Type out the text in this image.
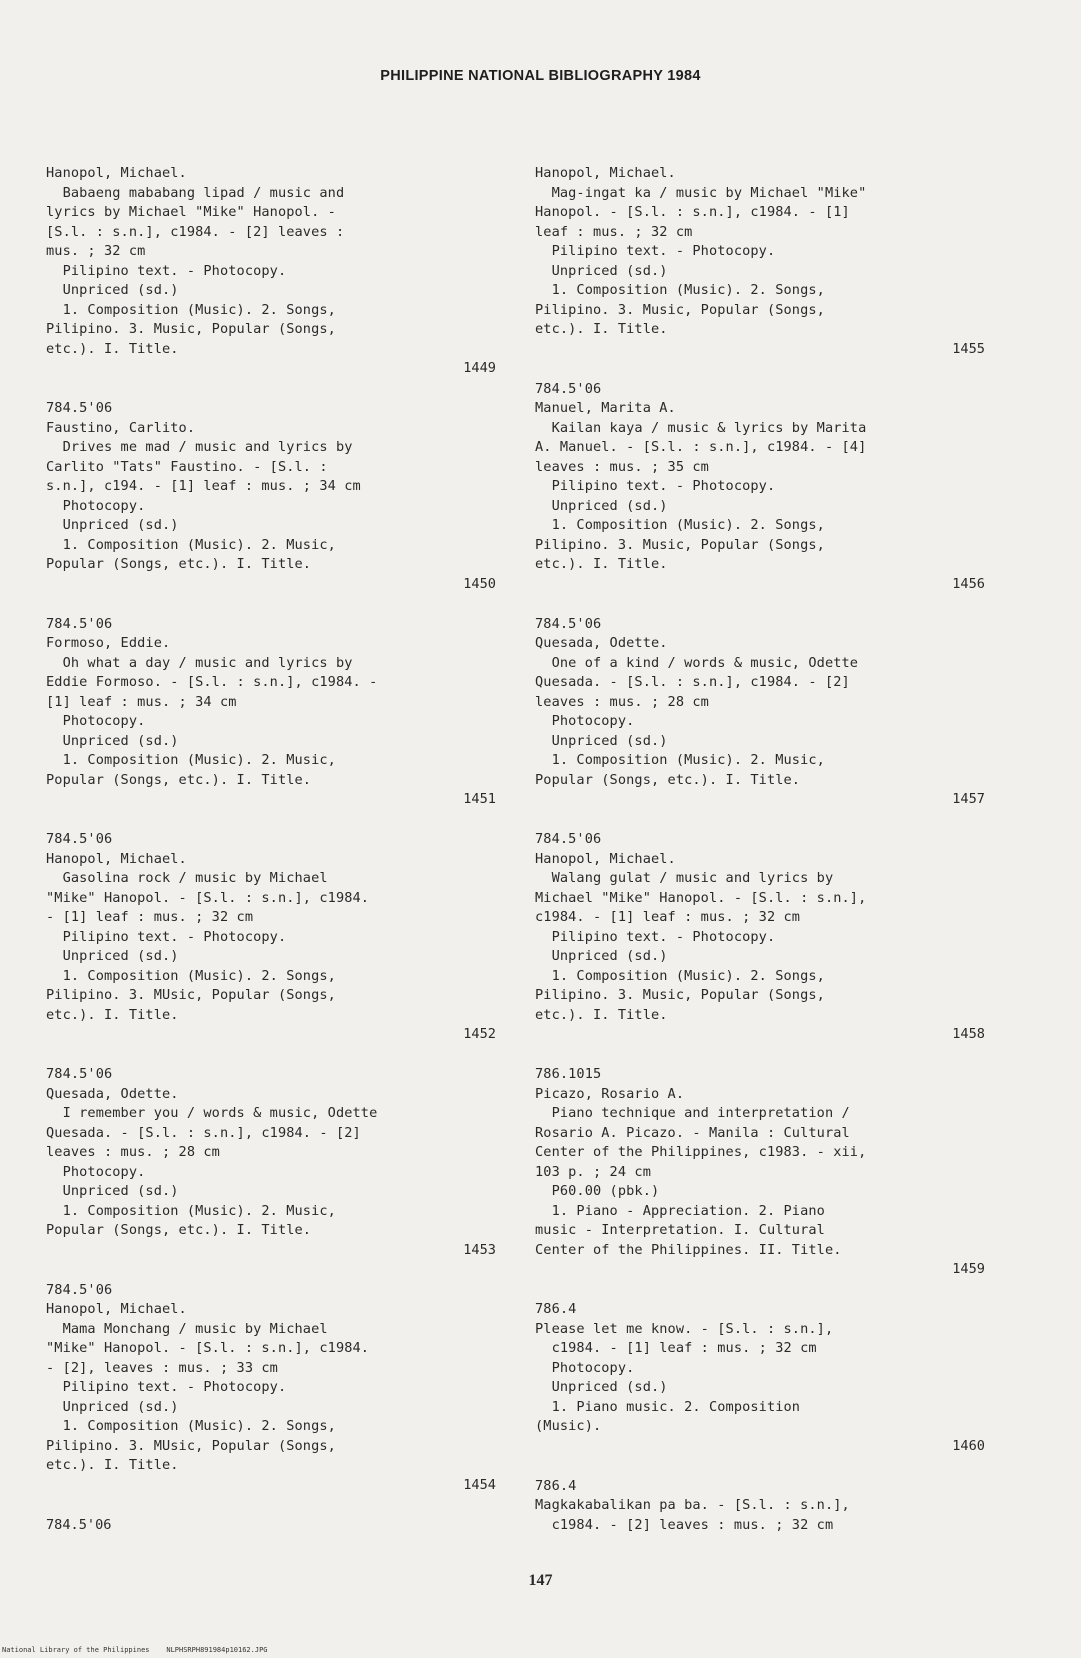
PHILIPPINE NATIONAL BIBLIOGRAPHY 1984
Hanopol, Michael.
Babaeng mababang lipad / music and
lyrics by Michael "Mike" Hanopol. -
[S.l. : s.n.], c1984. - [2] leaves :
mus. ; 32 cm
Pilipino text. - Photocopy.
Unpriced (sd.)
1. Composition (Music). 2. Songs,
Pilipino. 3. Music, Popular (Songs,
etc.). I. Title.
1449
784.5'06
Faustino, Carlito.
Drives me mad / music and lyrics by
Carlito "Tats" Faustino. - [S.l. :
s.n.], c194. - [1] leaf : mus. ; 34 cm
Photocopy.
Unpriced (sd.)
1. Composition (Music). 2. Music,
Popular (Songs, etc.). I. Title.
1450
784.5'06
Formoso, Eddie.
Oh what a day / music and lyrics by
Eddie Formoso. - [S.l. : s.n.], c1984. -
[1] leaf : mus. ; 34 cm
Photocopy.
Unpriced (sd.)
1. Composition (Music). 2. Music,
Popular (Songs, etc.). I. Title.
1451
784.5'06
Hanopol, Michael.
Gasolina rock / music by Michael
"Mike" Hanopol. - [S.l. : s.n.], c1984.
- [1] leaf : mus. ; 32 cm
Pilipino text. - Photocopy.
Unpriced (sd.)
1. Composition (Music). 2. Songs,
Pilipino. 3. MUsic, Popular (Songs,
etc.). I. Title.
1452
784.5'06
Quesada, Odette.
I remember you / words & music, Odette
Quesada. - [S.l. : s.n.], c1984. - [2]
leaves : mus. ; 28 cm
Photocopy.
Unpriced (sd.)
1. Composition (Music). 2. Music,
Popular (Songs, etc.). I. Title.
1453
784.5'06
Hanopol, Michael.
Mama Monchang / music by Michael
"Mike" Hanopol. - [S.l. : s.n.], c1984.
- [2], leaves : mus. ; 33 cm
Pilipino text. - Photocopy.
Unpriced (sd.)
1. Composition (Music). 2. Songs,
Pilipino. 3. MUsic, Popular (Songs,
etc.). I. Title.
1454
784.5'06
Hanopol, Michael.
Mag-ingat ka / music by Michael "Mike"
Hanopol. - [S.l. : s.n.], c1984. - [1]
leaf : mus. ; 32 cm
Pilipino text. - Photocopy.
Unpriced (sd.)
1. Composition (Music). 2. Songs,
Pilipino. 3. Music, Popular (Songs,
etc.). I. Title.
1455
784.5'06
Manuel, Marita A.
Kailan kaya / music & lyrics by Marita
A. Manuel. - [S.l. : s.n.], c1984. - [4]
leaves : mus. ; 35 cm
Pilipino text. - Photocopy.
Unpriced (sd.)
1. Composition (Music). 2. Songs,
Pilipino. 3. Music, Popular (Songs,
etc.). I. Title.
1456
784.5'06
Quesada, Odette.
One of a kind / words & music, Odette
Quesada. - [S.l. : s.n.], c1984. - [2]
leaves : mus. ; 28 cm
Photocopy.
Unpriced (sd.)
1. Composition (Music). 2. Music,
Popular (Songs, etc.). I. Title.
1457
784.5'06
Hanopol, Michael.
Walang gulat / music and lyrics by
Michael "Mike" Hanopol. - [S.l. : s.n.],
c1984. - [1] leaf : mus. ; 32 cm
Pilipino text. - Photocopy.
Unpriced (sd.)
1. Composition (Music). 2. Songs,
Pilipino. 3. Music, Popular (Songs,
etc.). I. Title.
1458
786.1015
Picazo, Rosario A.
Piano technique and interpretation /
Rosario A. Picazo. - Manila : Cultural
Center of the Philippines, c1983. - xii,
103 p. ; 24 cm
P60.00 (pbk.)
1. Piano - Appreciation. 2. Piano
music - Interpretation. I. Cultural
Center of the Philippines. II. Title.
1459
786.4
Please let me know. - [S.l. : s.n.],
c1984. - [1] leaf : mus. ; 32 cm
Photocopy.
Unpriced (sd.)
1. Piano music. 2. Composition
(Music).
1460
786.4
Magkakabalikan pa ba. - [S.l. : s.n.],
c1984. - [2] leaves : mus. ; 32 cm
147
National Library of the Philippines    NLPHSRPH891984p10162.JPG
